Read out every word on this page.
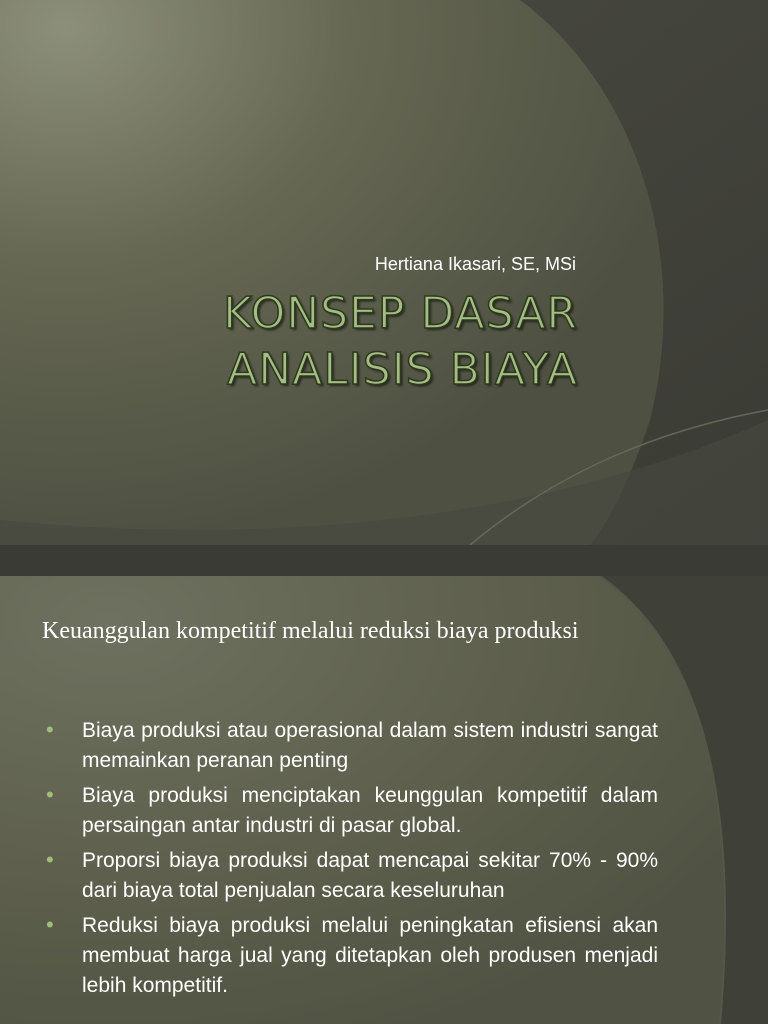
Hertiana Ikasari, SE, MSi
KONSEP DASAR ANALISIS BIAYA
Keuanggulan kompetitif melalui reduksi biaya produksi
• Biaya produksi atau operasional dalam sistem industri sangat memainkan peranan penting
• Biaya produksi menciptakan keunggulan kompetitif dalam persaingan antar industri di pasar global.
• Proporsi biaya produksi dapat mencapai sekitar 70% - 90% dari biaya total penjualan secara keseluruhan
• Reduksi biaya produksi melalui peningkatan efisiensi akan membuat harga jual yang ditetapkan oleh produsen menjadi lebih kompetitif.
